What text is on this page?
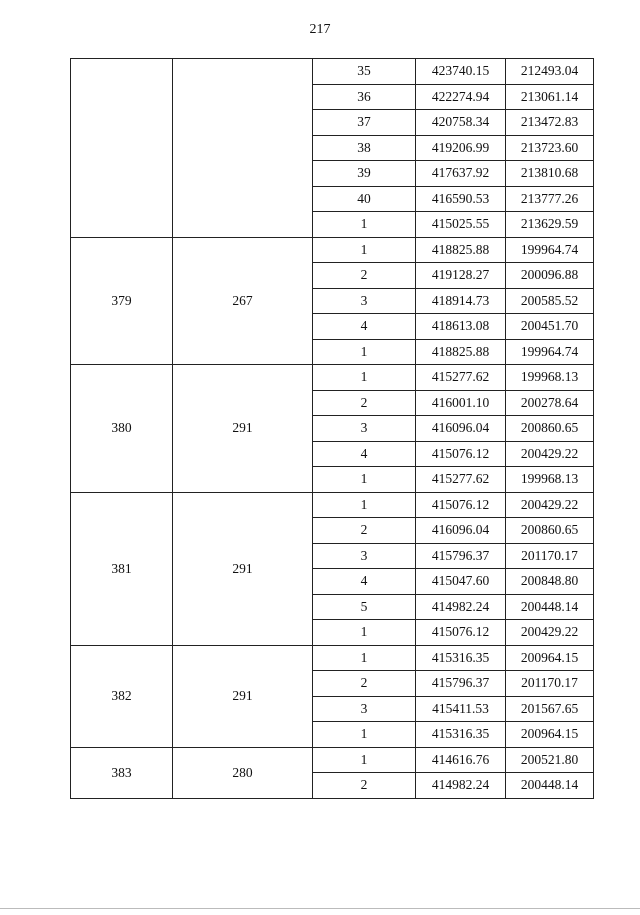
217
		35	423740.15	212493.04
		36	422274.94	213061.14
		37	420758.34	213472.83
		38	419206.99	213723.60
		39	417637.92	213810.68
		40	416590.53	213777.26
		1	415025.55	213629.59
379	267	1	418825.88	199964.74
		2	419128.27	200096.88
		3	418914.73	200585.52
		4	418613.08	200451.70
		1	418825.88	199964.74
380	291	1	415277.62	199968.13
		2	416001.10	200278.64
		3	416096.04	200860.65
		4	415076.12	200429.22
		1	415277.62	199968.13
381	291	1	415076.12	200429.22
		2	416096.04	200860.65
		3	415796.37	201170.17
		4	415047.60	200848.80
		5	414982.24	200448.14
		1	415076.12	200429.22
382	291	1	415316.35	200964.15
		2	415796.37	201170.17
		3	415411.53	201567.65
		1	415316.35	200964.15
383	280	1	414616.76	200521.80
		2	414982.24	200448.14
